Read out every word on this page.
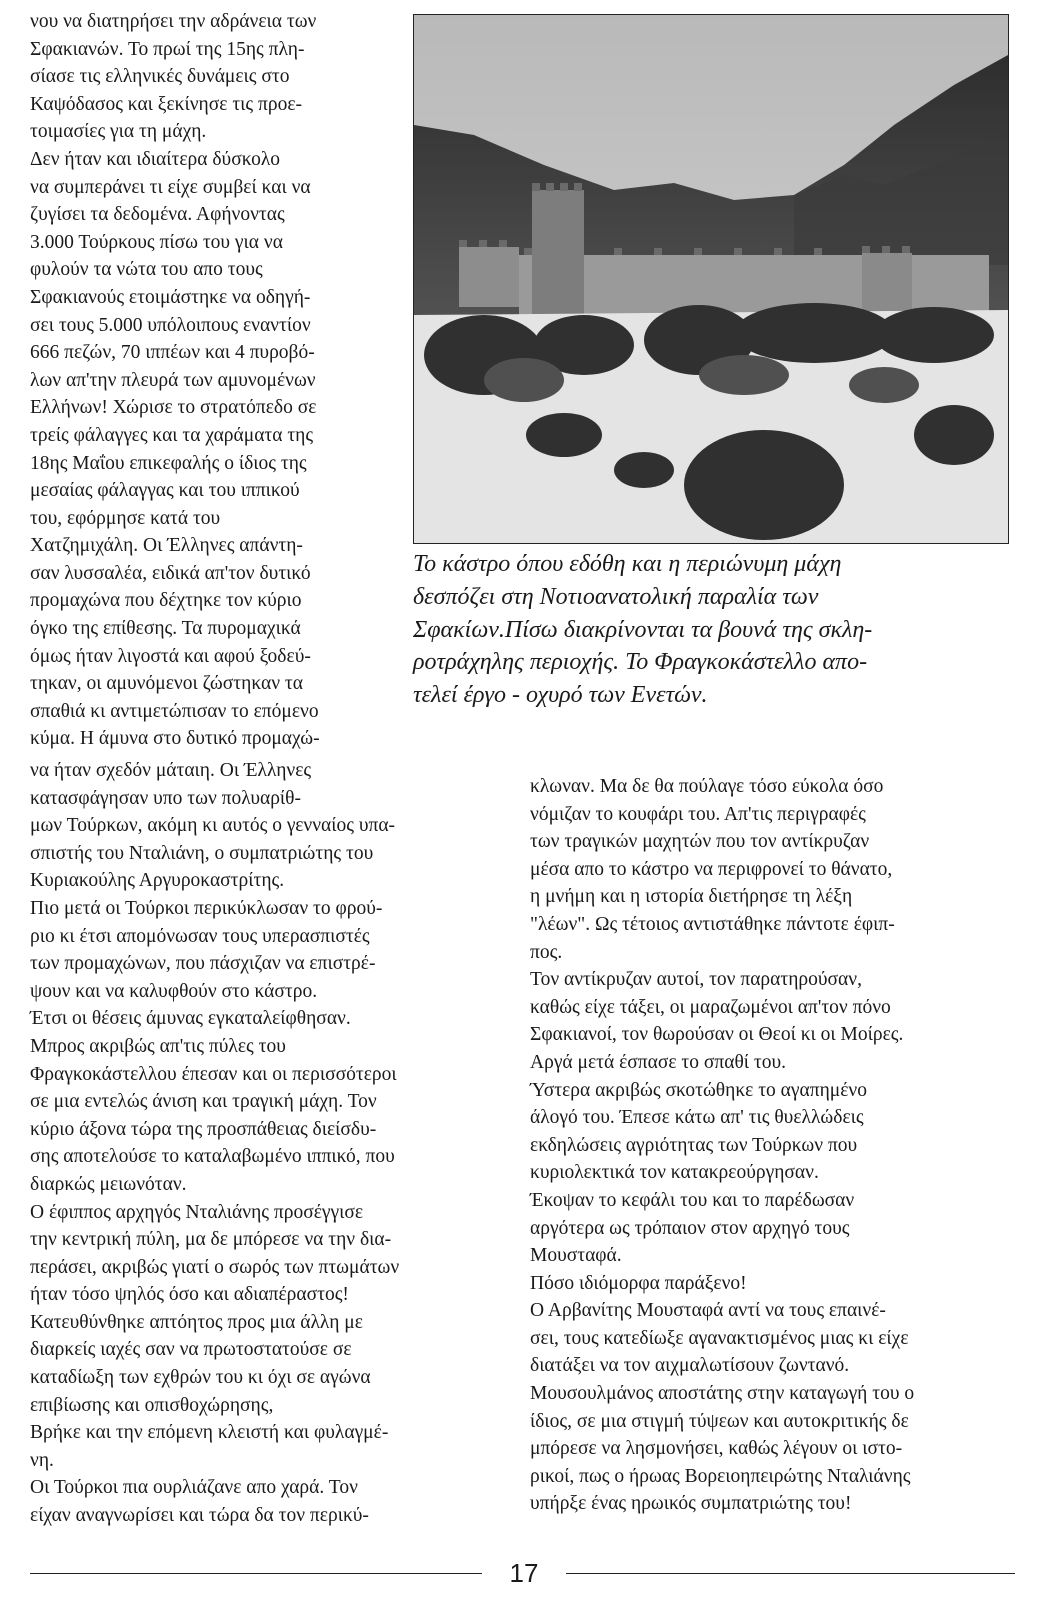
νου να διατηρήσει την αδράνεια των
Σφακιανών. Το πρωί της 15ης πλη-
σίασε τις ελληνικές δυνάμεις στο
Καψόδασος και ξεκίνησε τις προε-
τοιμασίες για τη μάχη.
Δεν ήταν και ιδιαίτερα δύσκολο
να συμπεράνει τι είχε συμβεί και να
ζυγίσει τα δεδομένα. Αφήνοντας
3.000 Τούρκους πίσω του για να
φυλούν τα νώτα του απο τους
Σφακιανούς ετοιμάστηκε να οδηγή-
σει τους 5.000 υπόλοιπους εναντίον
666 πεζών, 70 ιππέων και 4 πυροβό-
λων απ'την πλευρά των αμυνομένων
Ελλήνων! Χώρισε το στρατόπεδο σε
τρείς φάλαγγες και τα χαράματα της
18ης Μαΐου επικεφαλής ο ίδιος της
μεσαίας φάλαγγας και του ιππικού
του, εφόρμησε κατά του
Χατζημιχάλη. Οι Έλληνες απάντη-
σαν λυσσαλέα, ειδικά απ'τον δυτικό
προμαχώνα που δέχτηκε τον κύριο
όγκο της επίθεσης. Τα πυρομαχικά
όμως ήταν λιγοστά και αφού ξοδεύ-
τηκαν, οι αμυνόμενοι ζώστηκαν τα
σπαθιά κι αντιμετώπισαν το επόμενο
κύμα. Η άμυνα στο δυτικό προμαχώ-
Το κάστρο όπου εδόθη και η περιώνυμη μάχη
δεσπόζει στη Νοτιοανατολική παραλία των
Σφακίων.Πίσω διακρίνονται τα βουνά της σκλη-
ροτράχηλης περιοχής. Το Φραγκοκάστελλο απο-
τελεί έργο - οχυρό των Ενετών.
να ήταν σχεδόν μάταιη. Οι Έλληνες
κατασφάγησαν υπο των πολυαρίθ-
μων Τούρκων, ακόμη κι αυτός ο γενναίος υπα-
σπιστής του Νταλιάνη, ο συμπατριώτης του
Κυριακούλης Αργυροκαστρίτης.
Πιο μετά οι Τούρκοι περικύκλωσαν το φρού-
ριο κι έτσι απομόνωσαν τους υπερασπιστές
των προμαχώνων, που πάσχιζαν να επιστρέ-
ψουν και να καλυφθούν στο κάστρο.
Έτσι οι θέσεις άμυνας εγκαταλείφθησαν.
Μπρος ακριβώς απ'τις πύλες του
Φραγκοκάστελλου έπεσαν και οι περισσότεροι
σε μια εντελώς άνιση και τραγική μάχη. Τον
κύριο άξονα τώρα της προσπάθειας διείσδυ-
σης αποτελούσε το καταλαβωμένο ιππικό, που
διαρκώς μειωνόταν.
Ο έφιππος αρχηγός Νταλιάνης προσέγγισε
την κεντρική πύλη, μα δε μπόρεσε να την δια-
περάσει, ακριβώς γιατί ο σωρός των πτωμάτων
ήταν τόσο ψηλός όσο και αδιαπέραστος!
Κατευθύνθηκε απτόητος προς μια άλλη με
διαρκείς ιαχές σαν να πρωτοστατούσε σε
καταδίωξη των εχθρών του κι όχι σε αγώνα
επιβίωσης και οπισθοχώρησης,
Βρήκε και την επόμενη κλειστή και φυλαγμέ-
νη.
Οι Τούρκοι πια ουρλιάζανε απο χαρά. Τον
είχαν αναγνωρίσει και τώρα δα τον περικύ-
κλωναν. Μα δε θα πούλαγε τόσο εύκολα όσο
νόμιζαν το κουφάρι του. Απ'τις περιγραφές
των τραγικών μαχητών που τον αντίκρυζαν
μέσα απο το κάστρο να περιφρονεί το θάνατο,
η μνήμη και η ιστορία διετήρησε τη λέξη
"λέων". Ως τέτοιος αντιστάθηκε πάντοτε έφιπ-
πος.
Τον αντίκρυζαν αυτοί, τον παρατηρούσαν,
καθώς είχε τάξει, οι μαραζωμένοι απ'τον πόνο
Σφακιανοί, τον θωρούσαν οι Θεοί κι οι Μοίρες.
Αργά μετά έσπασε το σπαθί του.
Ύστερα ακριβώς σκοτώθηκε το αγαπημένο
άλογό του. Έπεσε κάτω απ' τις θυελλώδεις
εκδηλώσεις αγριότητας των Τούρκων που
κυριολεκτικά τον κατακρεούργησαν.
Έκοψαν το κεφάλι του και το παρέδωσαν
αργότερα ως τρόπαιον στον αρχηγό τους
Μουσταφά.
Πόσο ιδιόμορφα παράξενο!
Ο Αρβανίτης Μουσταφά αντί να τους επαινέ-
σει, τους κατεδίωξε αγανακτισμένος μιας κι είχε
διατάξει να τον αιχμαλωτίσουν ζωντανό.
Μουσουλμάνος αποστάτης στην καταγωγή του ο
ίδιος, σε μια στιγμή τύψεων και αυτοκριτικής δε
μπόρεσε να λησμονήσει, καθώς λέγουν οι ιστο-
ρικοί, πως ο ήρωας Βορειοηπειρώτης Νταλιάνης
υπήρξε ένας ηρωικός συμπατριώτης του!
17
